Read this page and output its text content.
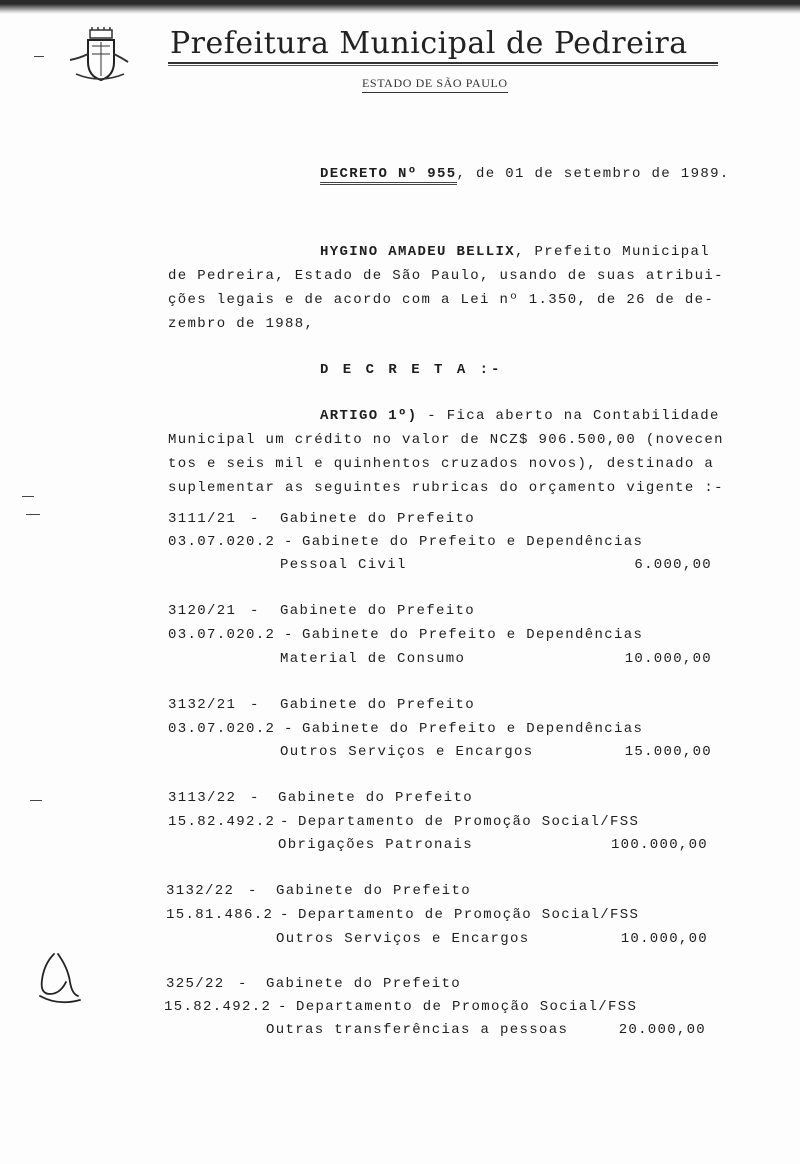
Prefeitura Municipal de Pedreira
ESTADO DE SÃO PAULO
DECRETO Nº 955, de 01 de setembro de 1989.
HYGINO AMADEU BELLIX, Prefeito Municipal
de Pedreira, Estado de São Paulo, usando de suas atribui-
ções legais e de acordo com a Lei nº 1.350, de 26 de de-
zembro de 1988,
D E C R E T A :-
ARTIGO 1º) - Fica aberto na Contabilidade
Municipal um crédito no valor de NCZ$ 906.500,00 (novecen
tos e seis mil e quinhentos cruzados novos), destinado a
suplementar as seguintes rubricas do orçamento vigente :-
3111/21 - Gabinete do Prefeito
03.07.020.2 - Gabinete do Prefeito e Dependências
Pessoal Civil	6.000,00
3120/21 - Gabinete do Prefeito
03.07.020.2 - Gabinete do Prefeito e Dependências
Material de Consumo	10.000,00
3132/21 - Gabinete do Prefeito
03.07.020.2 - Gabinete do Prefeito e Dependências
Outros Serviços e Encargos	15.000,00
3113/22 - Gabinete do Prefeito
15.82.492.2 - Departamento de Promoção Social/FSS
Obrigações Patronais	100.000,00
3132/22 - Gabinete do Prefeito
15.81.486.2 - Departamento de Promoção Social/FSS
Outros Serviços e Encargos	10.000,00
325/22 - Gabinete do Prefeito
15.82.492.2 - Departamento de Promoção Social/FSS
Outras transferências a pessoas	20.000,00
